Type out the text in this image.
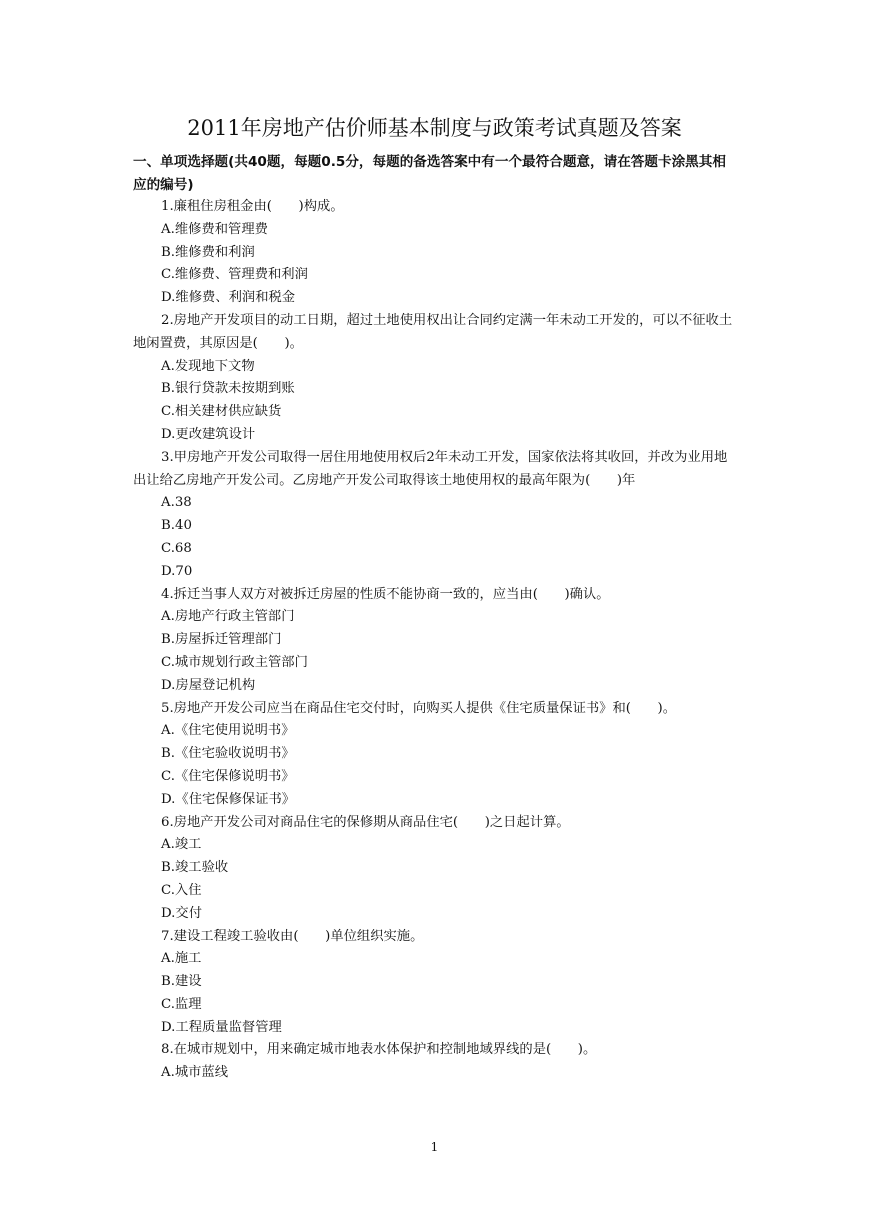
2011年房地产估价师基本制度与政策考试真题及答案
一、单项选择题(共40题，每题0.5分，每题的备选答案中有一个最符合题意，请在答题卡涂黑其相应的编号)

1.廉租住房租金由(　　)构成。

A.维修费和管理费

B.维修费和利润

C.维修费、管理费和利润

D.维修费、利润和税金

2.房地产开发项目的动工日期，超过土地使用权出让合同约定满一年未动工开发的，可以不征收土地闲置费，其原因是(　　)。

A.发现地下文物

B.银行贷款未按期到账

C.相关建材供应缺货

D.更改建筑设计

3.甲房地产开发公司取得一居住用地使用权后2年未动工开发，国家依法将其收回，并改为业用地出让给乙房地产开发公司。乙房地产开发公司取得该土地使用权的最高年限为(　　)年

A.38

B.40

C.68

D.70

4.拆迁当事人双方对被拆迁房屋的性质不能协商一致的，应当由(　　)确认。

A.房地产行政主管部门

B.房屋拆迁管理部门

C.城市规划行政主管部门

D.房屋登记机构

5.房地产开发公司应当在商品住宅交付时，向购买人提供《住宅质量保证书》和(　　)。

A.《住宅使用说明书》

B.《住宅验收说明书》

C.《住宅保修说明书》

D.《住宅保修保证书》

6.房地产开发公司对商品住宅的保修期从商品住宅(　　)之日起计算。

A.竣工

B.竣工验收

C.入住

D.交付

7.建设工程竣工验收由(　　)单位组织实施。

A.施工

B.建设

C.监理

D.工程质量监督管理

8.在城市规划中，用来确定城市地表水体保护和控制地域界线的是(　　)。

A.城市蓝线

1
